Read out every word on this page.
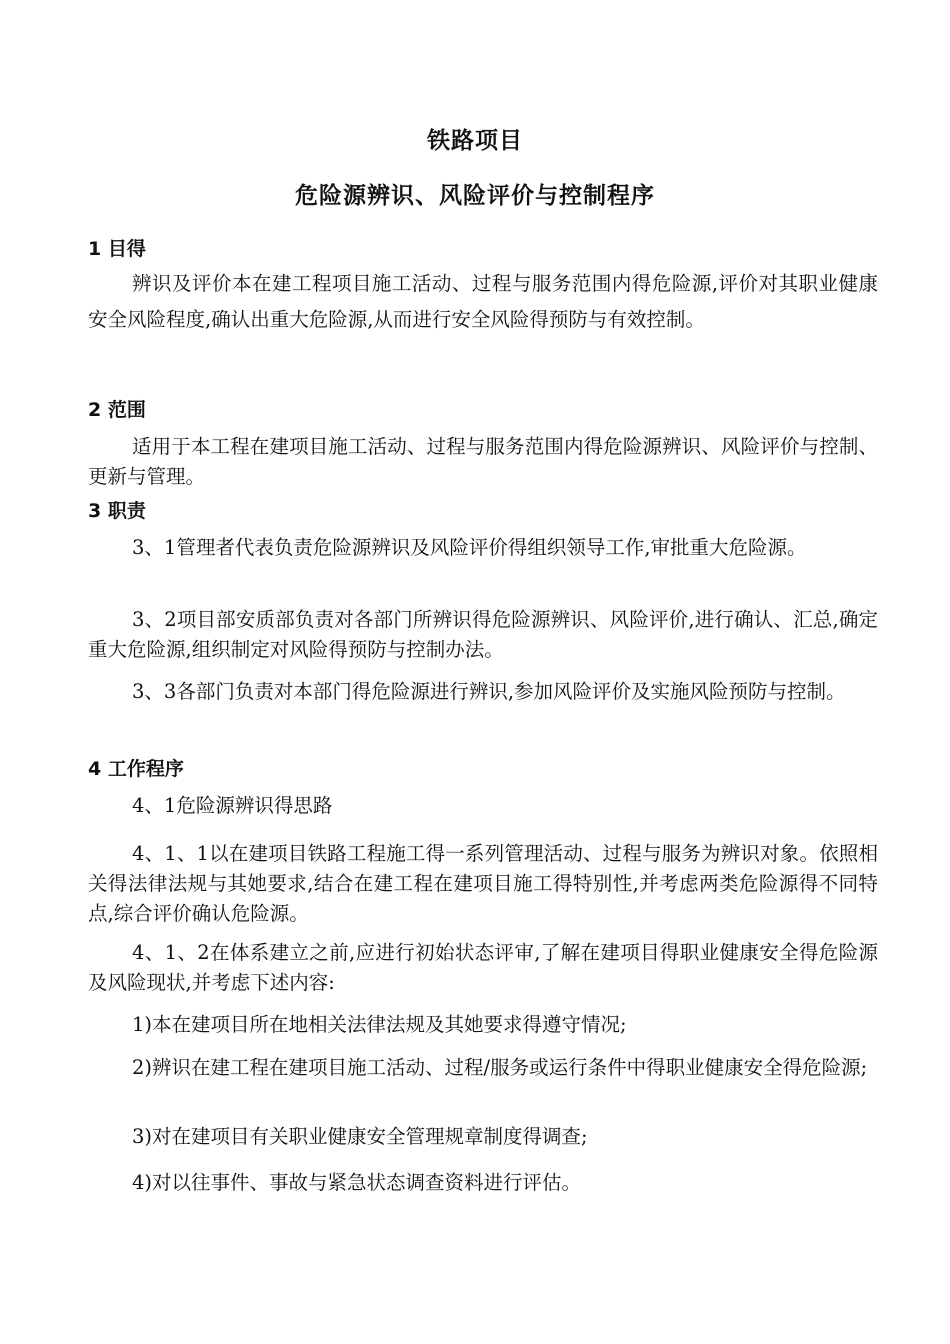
铁路项目
危险源辨识、风险评价与控制程序
1 目得
辨识及评价本在建工程项目施工活动、过程与服务范围内得危险源,评价对其职业健康安全风险程度,确认出重大危险源,从而进行安全风险得预防与有效控制。
2 范围
适用于本工程在建项目施工活动、过程与服务范围内得危险源辨识、风险评价与控制、更新与管理。
3 职责
3、1管理者代表负责危险源辨识及风险评价得组织领导工作,审批重大危险源。
3、2项目部安质部负责对各部门所辨识得危险源辨识、风险评价,进行确认、汇总,确定重大危险源,组织制定对风险得预防与控制办法。
3、3各部门负责对本部门得危险源进行辨识,参加风险评价及实施风险预防与控制。
4 工作程序
4、1危险源辨识得思路
4、1、1以在建项目铁路工程施工得一系列管理活动、过程与服务为辨识对象。依照相关得法律法规与其她要求,结合在建工程在建项目施工得特别性,并考虑两类危险源得不同特点,综合评价确认危险源。
4、1、2在体系建立之前,应进行初始状态评审,了解在建项目得职业健康安全得危险源及风险现状,并考虑下述内容:
1)本在建项目所在地相关法律法规及其她要求得遵守情况;
2)辨识在建工程在建项目施工活动、过程/服务或运行条件中得职业健康安全得危险源;
3)对在建项目有关职业健康安全管理规章制度得调查;
4)对以往事件、事故与紧急状态调查资料进行评估。
